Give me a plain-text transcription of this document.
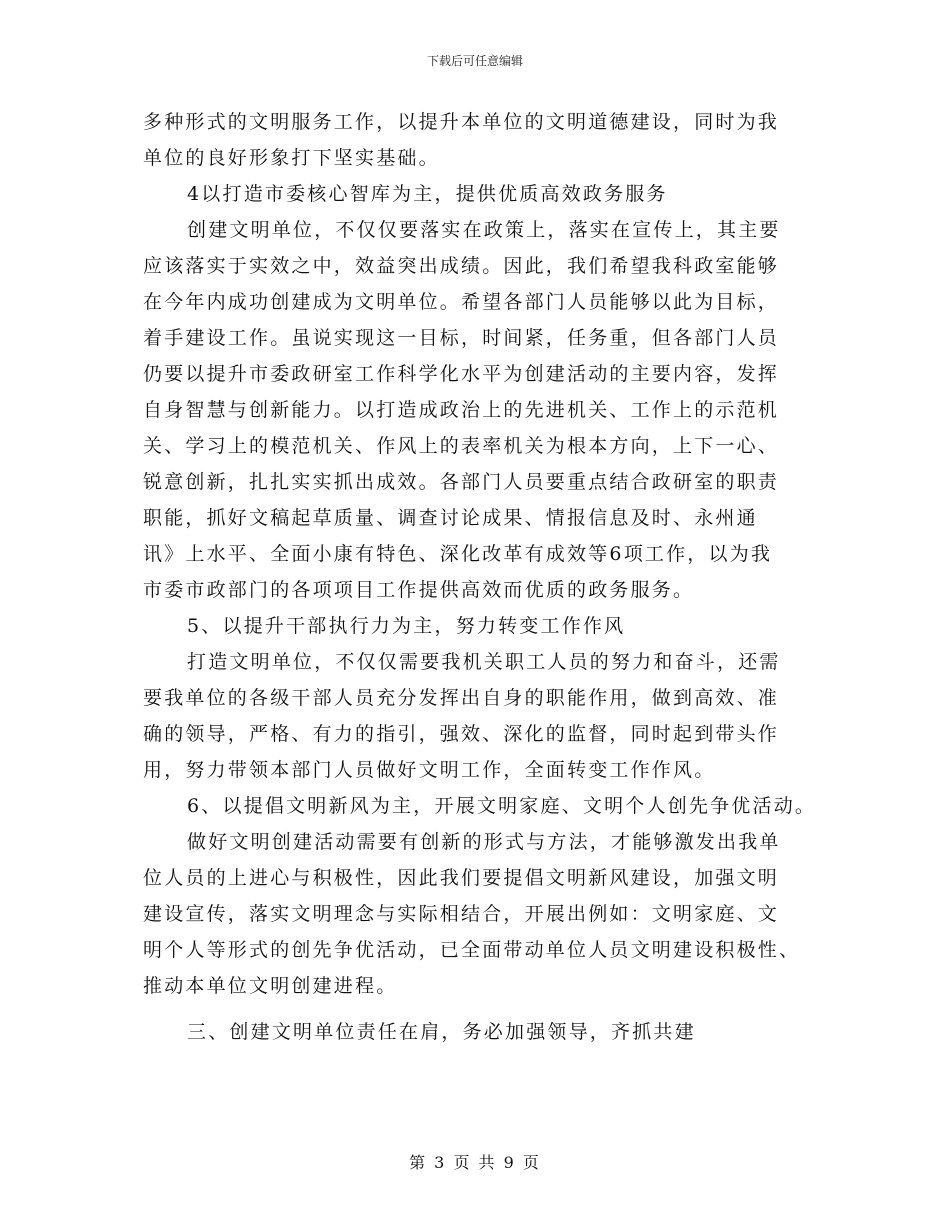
下载后可任意编辑
多种形式的文明服务工作，以提升本单位的文明道德建设，同时为我
单位的良好形象打下坚实基础。
4以打造市委核心智库为主，提供优质高效政务服务
创建文明单位，不仅仅要落实在政策上，落实在宣传上，其主要
应该落实于实效之中，效益突出成绩。因此，我们希望我科政室能够
在今年内成功创建成为文明单位。希望各部门人员能够以此为目标，
着手建设工作。虽说实现这一目标，时间紧，任务重，但各部门人员
仍要以提升市委政研室工作科学化水平为创建活动的主要内容，发挥
自身智慧与创新能力。以打造成政治上的先进机关、工作上的示范机
关、学习上的模范机关、作风上的表率机关为根本方向，上下一心、
锐意创新，扎扎实实抓出成效。各部门人员要重点结合政研室的职责
职能，抓好文稿起草质量、调查讨论成果、情报信息及时、永州通
讯》上水平、全面小康有特色、深化改革有成效等6项工作，以为我
市委市政部门的各项项目工作提供高效而优质的政务服务。
5、以提升干部执行力为主，努力转变工作作风
打造文明单位，不仅仅需要我机关职工人员的努力和奋斗，还需
要我单位的各级干部人员充分发挥出自身的职能作用，做到高效、准
确的领导，严格、有力的指引，强效、深化的监督，同时起到带头作
用，努力带领本部门人员做好文明工作，全面转变工作作风。
6、以提倡文明新风为主，开展文明家庭、文明个人创先争优活动。
做好文明创建活动需要有创新的形式与方法，才能够激发出我单
位人员的上进心与积极性，因此我们要提倡文明新风建设，加强文明
建设宣传，落实文明理念与实际相结合，开展出例如：文明家庭、文
明个人等形式的创先争优活动，已全面带动单位人员文明建设积极性、
推动本单位文明创建进程。
三、创建文明单位责任在肩，务必加强领导，齐抓共建
第 3 页 共 9 页
